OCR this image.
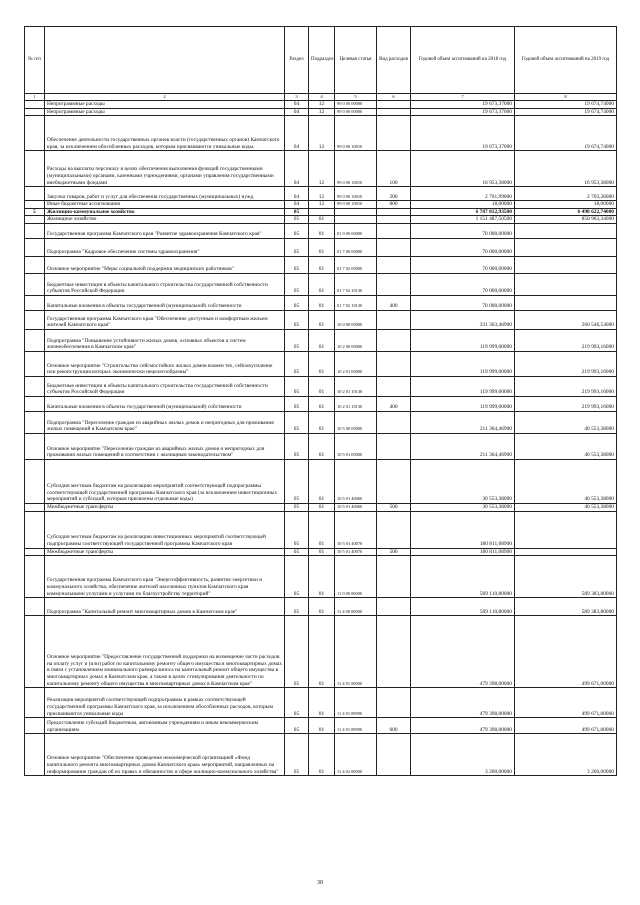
№ п/п		Раздел	Подраздел	Целевая статья	Вид расходов	Годовой объем ассигнований на 2018 год	Годовой объем ассигнований на 2019 год
1	2	3	4	5	6	7	8
	Непрограммные расходы	04	12	99 0 00 00000		19 673,37000	19 674,74000
	Непрограммные расходы	04	12	99 0 00 00000		19 673,37000	19 674,74000
	Обеспечение деятельности государственных органов власти (государственных органов) Камчатского края, за исключением обособленных расходов, которым присваиваются уникальные коды.	04	12	99 0 00 10010		19 673,37000	19 674,74000
	Расходы на выплаты персоналу в целях обеспечения выполнения функций государственными (муниципальными) органами, казенными учреждениями, органами управления государственными внебюджетными фондами	04	12	99 0 00 10010	100	16 953,38000	16 953,38000
	Закупка товаров, работ и услуг для обеспечения государственных (муниципальных) нужд	04	12	99 0 00 10010	200	2 701,99000	2 703,36000
	Иные бюджетные ассигнования	04	12	99 0 00 10010	800	18,00000	18,00000
5	Жилищно-коммунальное хозяйство	05				6 787 812,93500	6 498 622,74000
	Жилищное хозяйство	05	01			1 151 487,50500	850 963,34000
	Государственная программа Камчатского края "Развитие здравоохранения Камчатского края"	05	01	01 0 00 00000		70 000,00000	
	Подпрограмма "Кадровое обеспечение системы здравоохранения"	05	01	01 7 00 00000		70 000,00000	
	Основное мероприятие "Меры социальной поддержки медицинских работников"	05	01	01 7 02 00000		70 000,00000	
	Бюджетные инвестиции в объекты капитального строительства государственной собственности субъектов Российской Федерации	05	01	01 7 02 10130		70 000,00000	
	Капитальные вложения в объекты государственной (муниципальной) собственности	05	01	01 7 02 10130	400	70 000,00000	
	Государственная программа Камчатского края "Обеспечение доступным и комфортным жильем жителей Камчатского края"	05	01	10 0 00 00000		331 363,46900	260 546,54000
	Подпрограмма "Повышение устойчивости жилых домов, основных объектов и систем жизнеобеспечения в Камчатском крае"	05	01	10 2 00 00000		119 999,00000	219 993,16000
	Основное мероприятие "Строительство сейсмостойких жилых домов взамен тех, сейсмоусиление или реконструкция которых экономически нецелесообразны"	05	01	10 2 01 00000		119 999,00000	219 993,16000
	Бюджетные инвестиции в объекты капитального строительства государственной собственности субъектов Российской Федерации	05	01	10 2 01 10130		119 999,00000	219 993,16000
	Капитальные вложения в объекты государственной (муниципальной) собственности	05	01	10 2 01 10130	400	119 999,00000	219 993,16000
	Подпрограмма "Переселение граждан из аварийных жилых домов и непригодных для проживания жилых помещений в Камчатском крае"	05	01	10 5 00 00000		211 364,46900	40 553,38000
	Основное мероприятие "Переселение граждан из аварийных жилых домов и непригодных для проживания жилых помещений в соответствии с жилищным законодательством"	05	01	10 5 01 00000		211 364,46900	40 553,38000
	Субсидии местным бюджетам на реализацию мероприятий соответствующей подпрограммы соответствующей государственной программы Камчатского края (за исключением инвестиционных мероприятий и субсидий, которым присвоены отдельные коды)	05	01	10 5 01 40060		30 553,38000	40 553,38000
	Межбюджетные трансферты	05	01	10 5 01 40060	500	30 553,38000	40 553,38000
	Субсидии местным бюджетам на реализацию инвестиционных мероприятий соответствующей подпрограммы соответствующей государственной программы Камчатского края	05	01	10 5 01 40070		180 811,08900	
	Межбюджетные трансферты	05	01	10 5 01 40070	500	180 811,08900	
	Государственная программа Камчатского края "Энергоэффективность, развитие энергетики и коммунального хозяйства, обеспечение жителей населенных пунктов Камчатского края коммунальными услугами и услугами по благоустройству территорий"	05	01	11 0 00 00000		569 110,80000	589 383,80000
	Подпрограмма "Капитальный ремонт многоквартирных домов в Камчатском крае"	05	01	11 4 00 00000		569 110,80000	589 383,80000
	Основное мероприятие "Предоставление государственной поддержки на возмещение части расходов на оплату услуг и (или) работ по капитальному ремонту общего имущества в многоквартирных домах в связи с установлением минимального размера взноса на капитальный ремонт общего имущества в многоквартирных домах в Камчатском крае, а также в целях стимулирования деятельности по капитальному ремонту общего имущества в многоквартирных домах в Камчатском крае"	05	01	11 4 01 00000		479 398,00000	499 671,00000
	Реализация мероприятий соответствующей подпрограммы в рамках соответствующей государственной программы Камчатского края, за исключением обособленных расходов, которым присваиваются уникальные коды	05	01	11 4 01 09990		479 398,00000	499 671,00000
	Предоставление субсидий бюджетным, автономным учреждениям и иным некоммерческим организациям	05	01	11 4 01 09990	600	479 398,00000	499 671,00000
	Основное мероприятие "Обеспечение проведения некоммерческой организацией «Фонд капитального ремонта многоквартирных домов Камчатского края» мероприятий, направленных на информирование граждан об их правах и обязанностях в сфере жилищно-коммунального хозяйства"	05	01	11 4 02 00000		3 260,00000	3 260,00000
30
